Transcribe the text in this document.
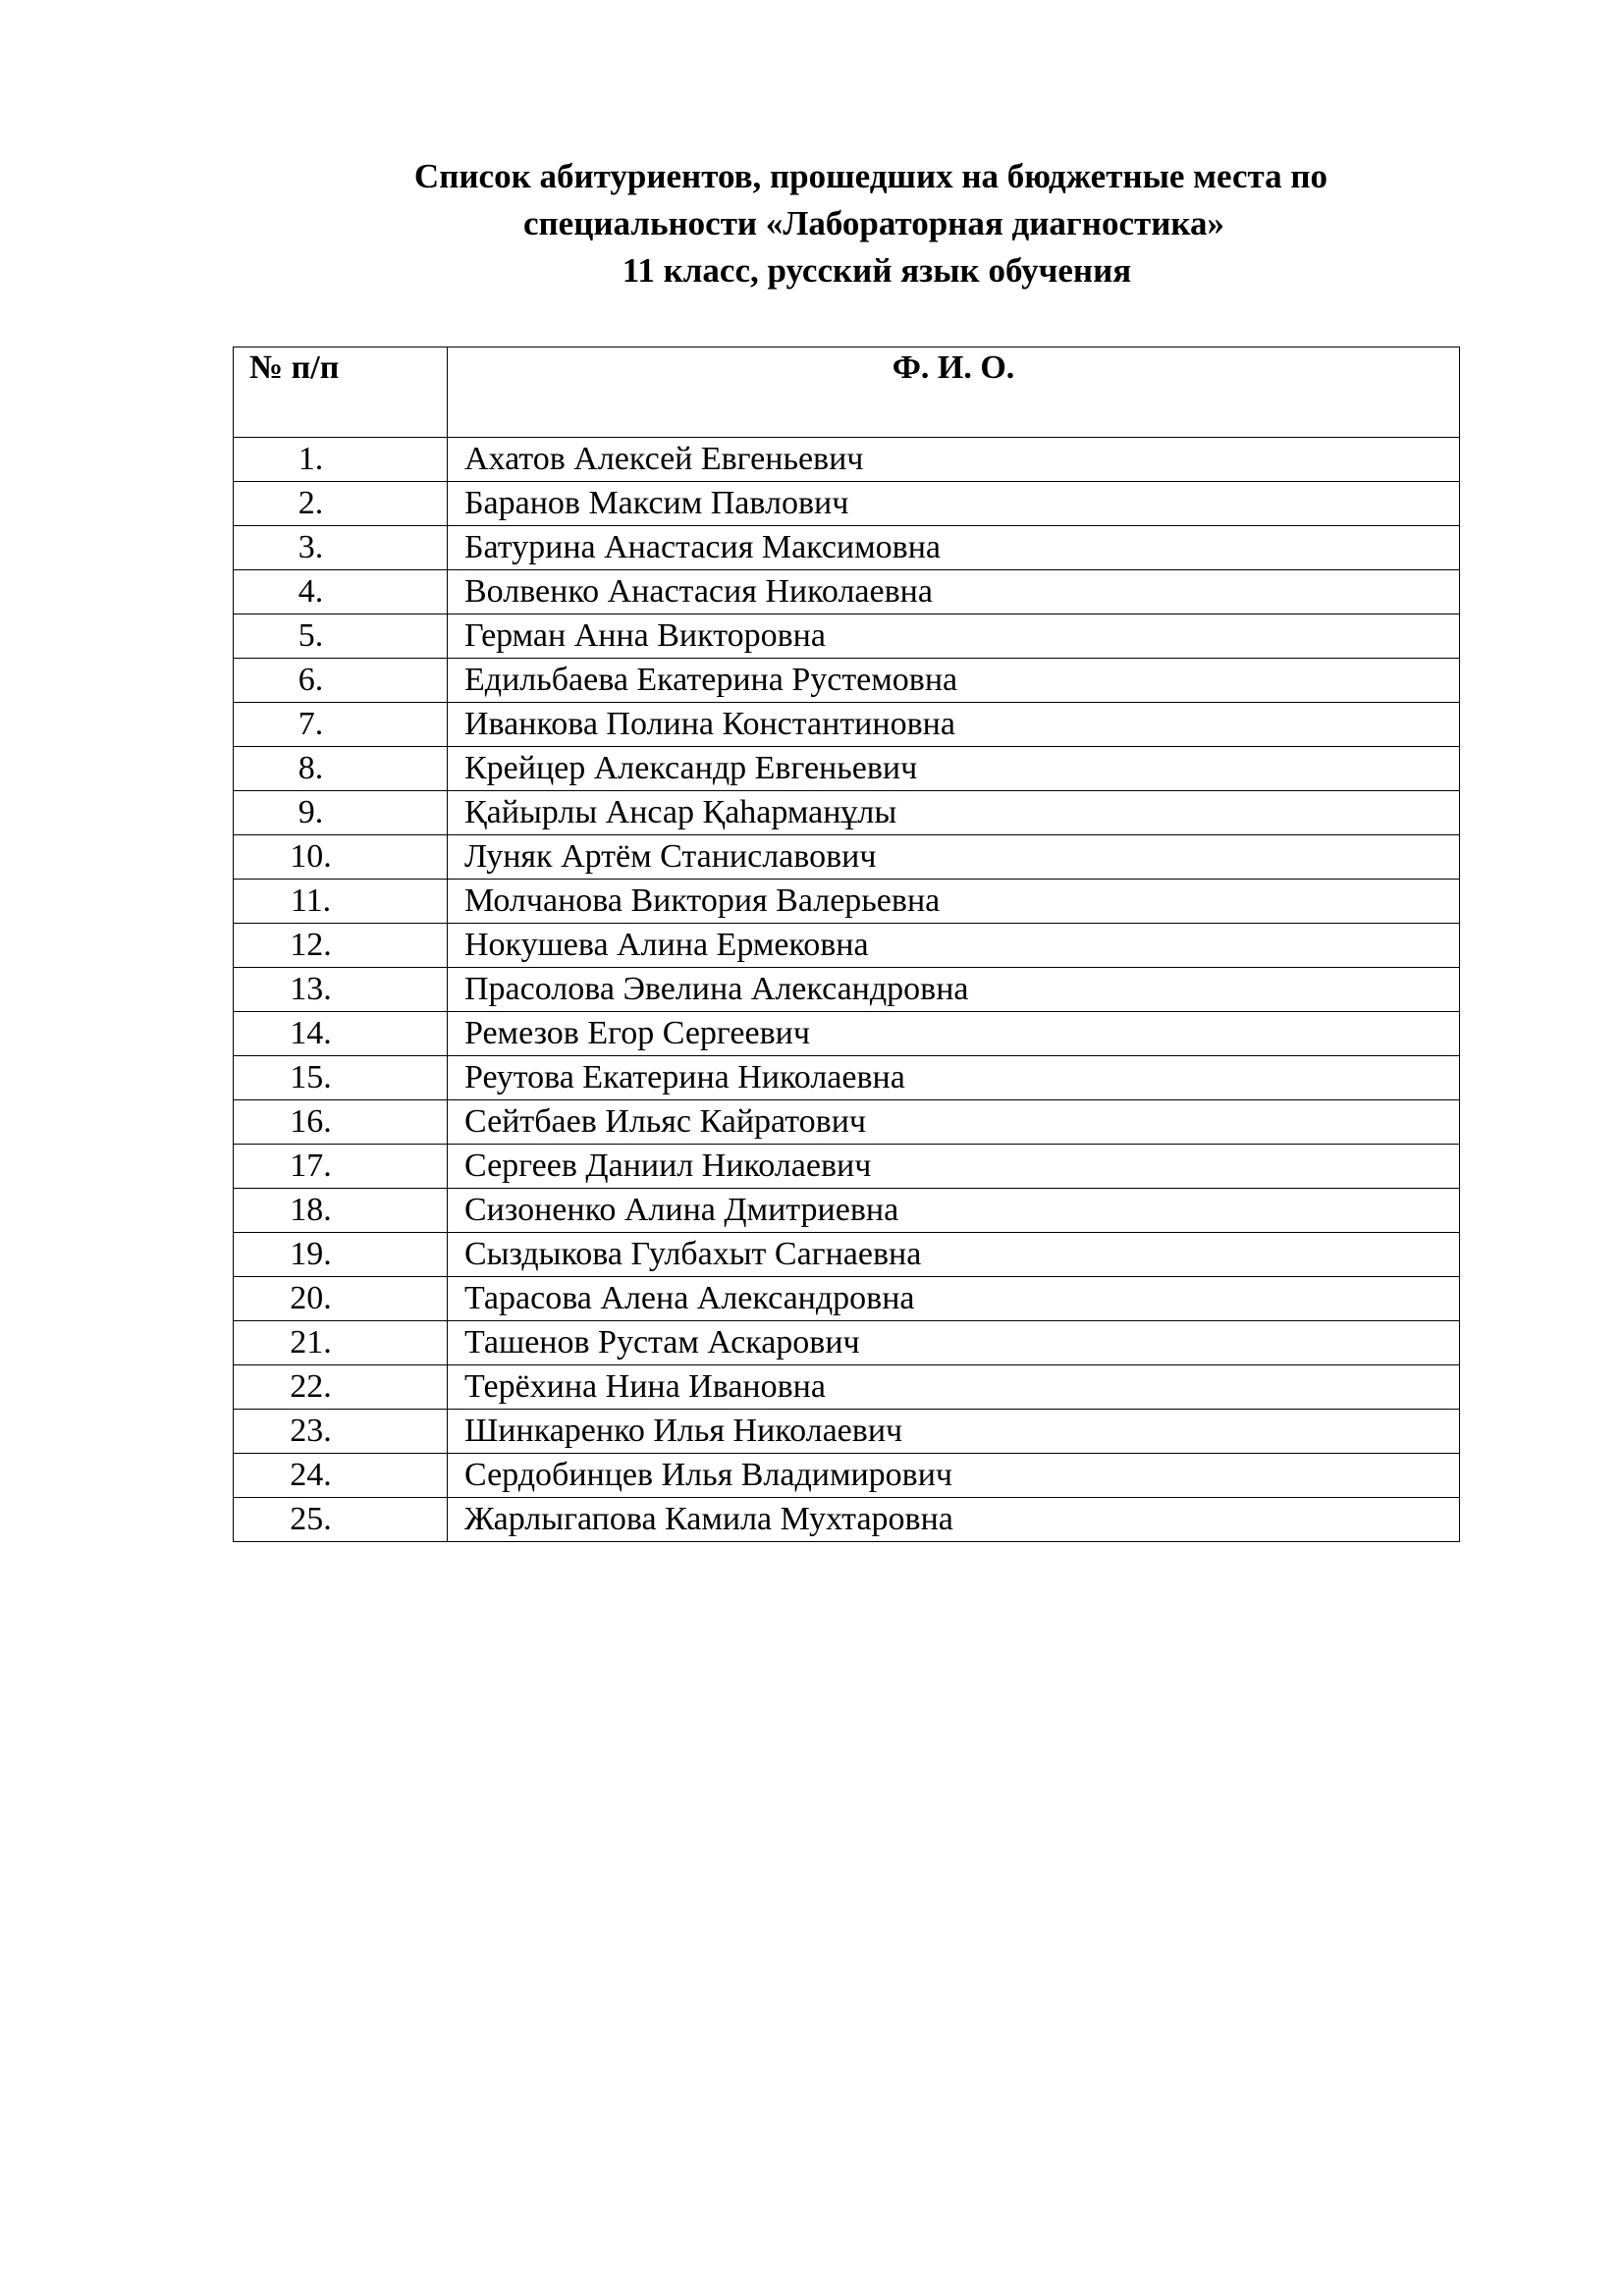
Список абитуриентов, прошедших на бюджетные места по
специальности «Лабораторная диагностика»
11 класс, русский язык обучения
№ п/п	Ф. И. О.
1.	Ахатов Алексей Евгеньевич
2.	Баранов Максим Павлович
3.	Батурина Анастасия Максимовна
4.	Волвенко Анастасия Николаевна
5.	Герман Анна Викторовна
6.	Едильбаева Екатерина Рустемовна
7.	Иванкова Полина Константиновна
8.	Крейцер Александр Евгеньевич
9.	Қайырлы Ансар Қаһарманұлы
10.	Луняк Артём Станиславович
11.	Молчанова Виктория Валерьевна
12.	Нокушева Алина Ермековна
13.	Прасолова Эвелина Александровна
14.	Ремезов Егор Сергеевич
15.	Реутова Екатерина Николаевна
16.	Сейтбаев Ильяс Кайратович
17.	Сергеев Даниил Николаевич
18.	Сизоненко Алина Дмитриевна
19.	Сыздыкова Гулбахыт Сагнаевна
20.	Тарасова Алена Александровна
21.	Ташенов Рустам Аскарович
22.	Терёхина Нина Ивановна
23.	Шинкаренко Илья Николаевич
24.	Сердобинцев Илья Владимирович
25.	Жарлыгапова Камила Мухтаровна
